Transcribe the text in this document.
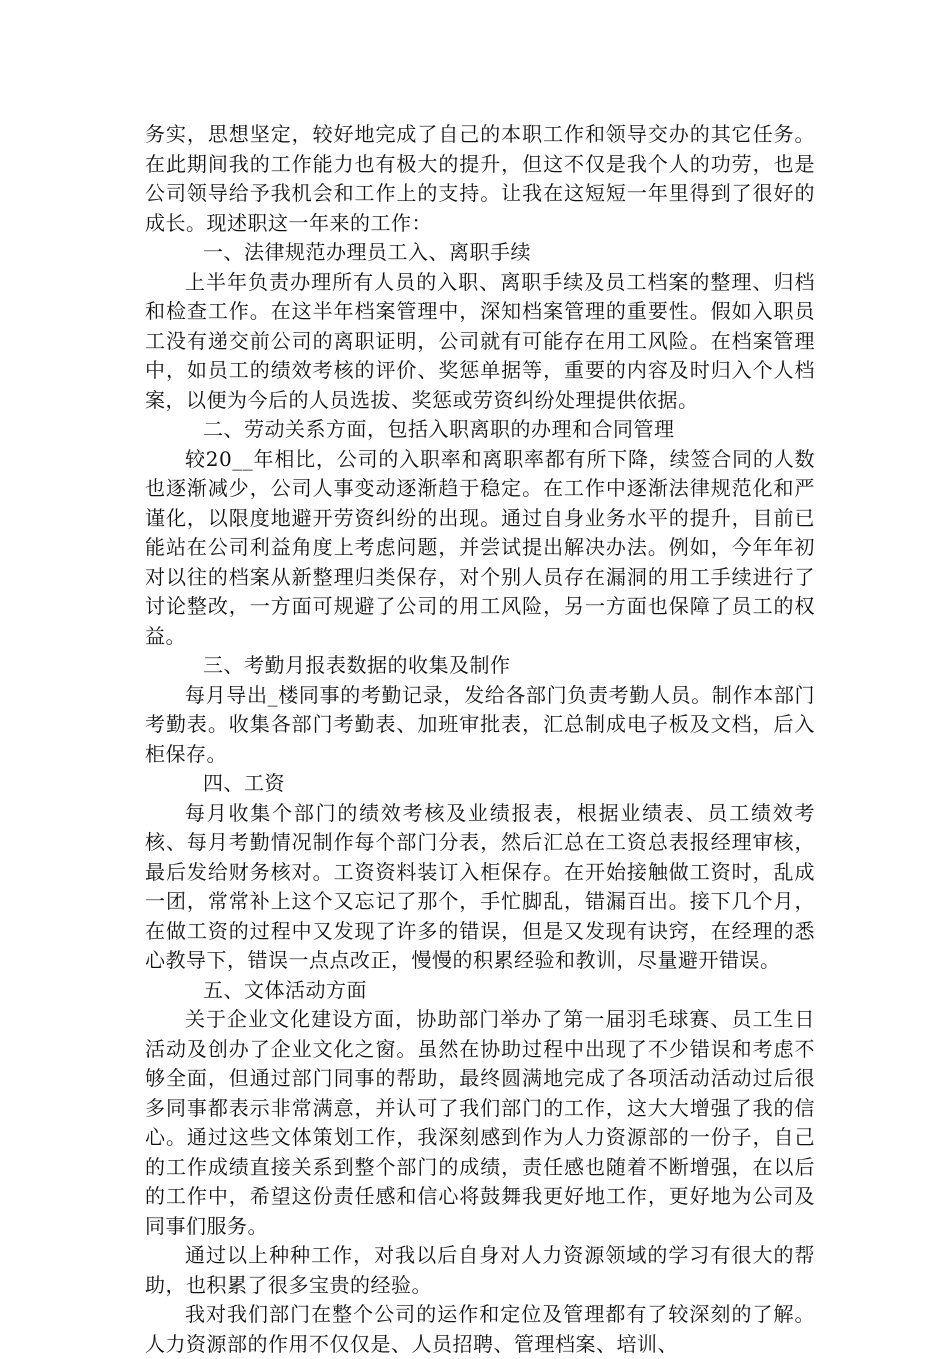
务实，思想坚定，较好地完成了自己的本职工作和领导交办的其它任务。在此期间我的工作能力也有极大的提升，但这不仅是我个人的功劳，也是公司领导给予我机会和工作上的支持。让我在这短短一年里得到了很好的成长。现述职这一年来的工作：

一、法律规范办理员工入、离职手续

上半年负责办理所有人员的入职、离职手续及员工档案的整理、归档和检查工作。在这半年档案管理中，深知档案管理的重要性。假如入职员工没有递交前公司的离职证明，公司就有可能存在用工风险。在档案管理中，如员工的绩效考核的评价、奖惩单据等，重要的内容及时归入个人档案，以便为今后的人员选拔、奖惩或劳资纠纷处理提供依据。

二、劳动关系方面，包括入职离职的办理和合同管理

较20__年相比，公司的入职率和离职率都有所下降，续签合同的人数也逐渐减少，公司人事变动逐渐趋于稳定。在工作中逐渐法律规范化和严谨化，以限度地避开劳资纠纷的出现。通过自身业务水平的提升，目前已能站在公司利益角度上考虑问题，并尝试提出解决办法。例如，今年年初对以往的档案从新整理归类保存，对个别人员存在漏洞的用工手续进行了讨论整改，一方面可规避了公司的用工风险，另一方面也保障了员工的权益。

三、考勤月报表数据的收集及制作

每月导出_楼同事的考勤记录，发给各部门负责考勤人员。制作本部门考勤表。收集各部门考勤表、加班审批表，汇总制成电子板及文档，后入柜保存。

四、工资

每月收集个部门的绩效考核及业绩报表，根据业绩表、员工绩效考核、每月考勤情况制作每个部门分表，然后汇总在工资总表报经理审核，最后发给财务核对。工资资料装订入柜保存。在开始接触做工资时，乱成一团，常常补上这个又忘记了那个，手忙脚乱，错漏百出。接下几个月，在做工资的过程中又发现了许多的错误，但是又发现有诀窍，在经理的悉心教导下，错误一点点改正，慢慢的积累经验和教训，尽量避开错误。

五、文体活动方面

关于企业文化建设方面，协助部门举办了第一届羽毛球赛、员工生日活动及创办了企业文化之窗。虽然在协助过程中出现了不少错误和考虑不够全面，但通过部门同事的帮助，最终圆满地完成了各项活动活动过后很多同事都表示非常满意，并认可了我们部门的工作，这大大增强了我的信心。通过这些文体策划工作，我深刻感到作为人力资源部的一份子，自己的工作成绩直接关系到整个部门的成绩，责任感也随着不断增强，在以后的工作中，希望这份责任感和信心将鼓舞我更好地工作，更好地为公司及同事们服务。

通过以上种种工作，对我以后自身对人力资源领域的学习有很大的帮助，也积累了很多宝贵的经验。

我对我们部门在整个公司的运作和定位及管理都有了较深刻的了解。人力资源部的作用不仅仅是、人员招聘、管理档案、培训、
